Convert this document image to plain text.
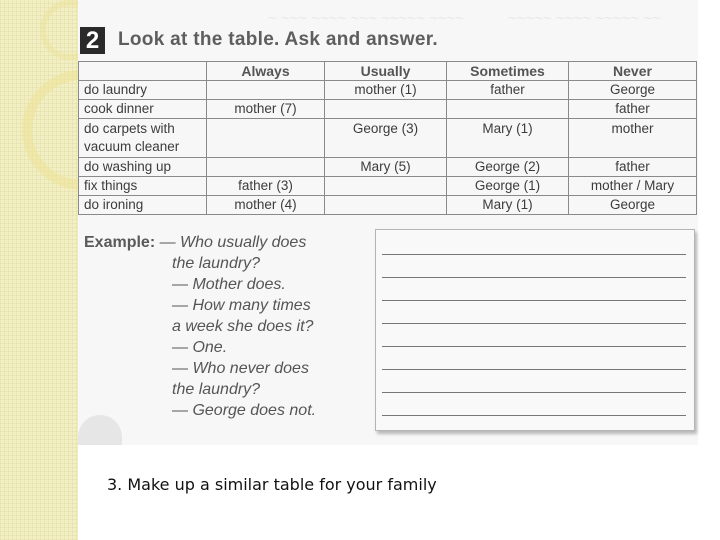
~ ~~~ ~~~~ ~~~ ~~~~~ ~~~~	~~~~~ ~~~~ ~~~~~ ~~
2 Look at the table. Ask and answer.
	Always	Usually	Sometimes	Never
do laundry		mother (1)	father	George
cook dinner	mother (7)			father
do carpets with vacuum cleaner		George (3)	Mary (1)	mother
do washing up		Mary (5)	George (2)	father
fix things	father (3)		George (1)	mother / Mary
do ironing	mother (4)		Mary (1)	George
Example: — Who usually does
the laundry?
— Mother does.
— How many times
a week she does it?
— One.
— Who never does
the laundry?
— George does not.
3. Make up a similar table for your family
